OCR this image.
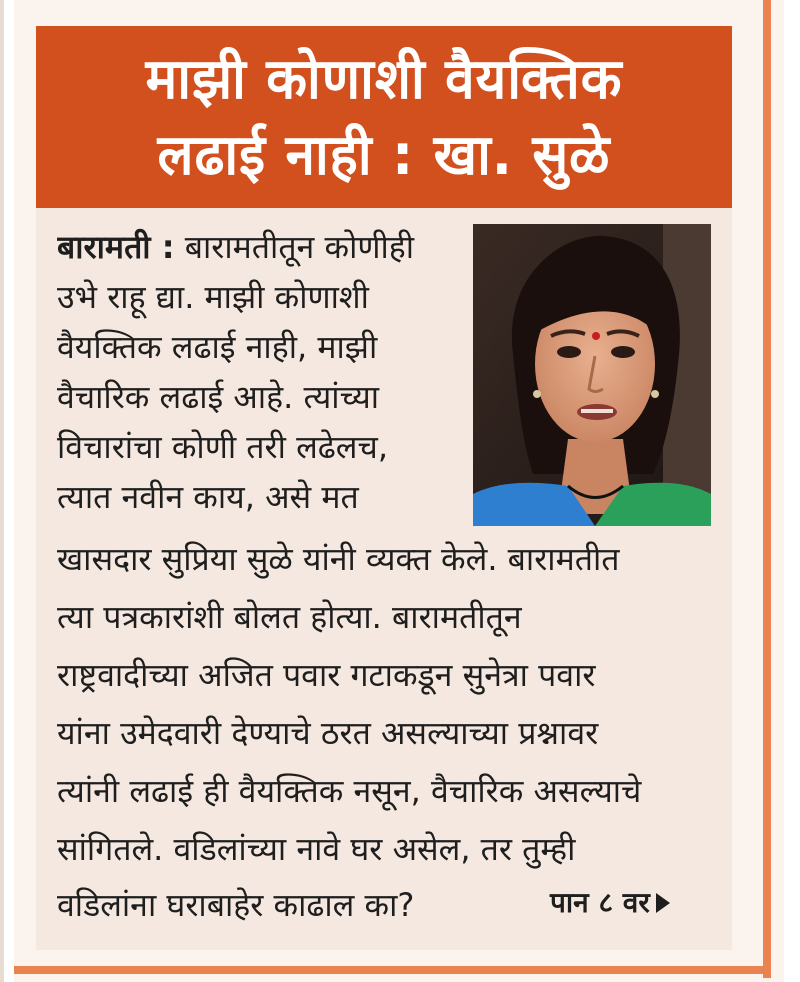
माझी कोणाशी वैयक्तिक
लढाई नाही : खा. सुळे
बारामती : बारामतीतून कोणीही
उभे राहू द्या. माझी कोणाशी
वैयक्तिक लढाई नाही, माझी
वैचारिक लढाई आहे. त्यांच्या
विचारांचा कोणी तरी लढेलच,
त्यात नवीन काय, असे मत
खासदार सुप्रिया सुळे यांनी व्यक्त केले. बारामतीत
त्या पत्रकारांशी बोलत होत्या. बारामतीतून
राष्ट्रवादीच्या अजित पवार गटाकडून सुनेत्रा पवार
यांना उमेदवारी देण्याचे ठरत असल्याच्या प्रश्नावर
त्यांनी लढाई ही वैयक्तिक नसून, वैचारिक असल्याचे
सांगितले. वडिलांच्या नावे घर असेल, तर तुम्ही
वडिलांना घराबाहेर काढाल का?	पान ८ वर
